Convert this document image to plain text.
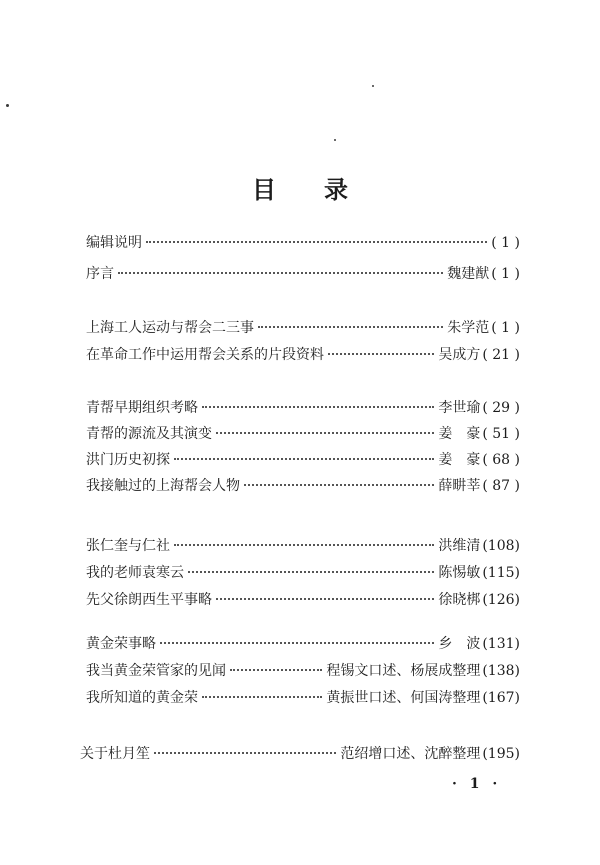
目 录
编辑说明	( 1 )
序言	魏建猷 ( 1 )
上海工人运动与帮会二三事	朱学范 ( 1 )
在革命工作中运用帮会关系的片段资料	吴成方 ( 21 )
青帮早期组织考略	李世瑜 ( 29 )
青帮的源流及其演变	姜　豪 ( 51 )
洪门历史初探	姜　豪 ( 68 )
我接触过的上海帮会人物	薛畊莘 ( 87 )
张仁奎与仁社	洪维清 (108)
我的老师袁寒云	陈惕敏 (115)
先父徐朗西生平事略	徐晓梆 (126)
黄金荣事略	乡　波 (131)
我当黄金荣管家的见闻	程锡文口述、杨展成整理 (138)
我所知道的黄金荣	黄振世口述、何国涛整理 (167)
关于杜月笙	范绍增口述、沈醉整理 (195)
· 1 ·
